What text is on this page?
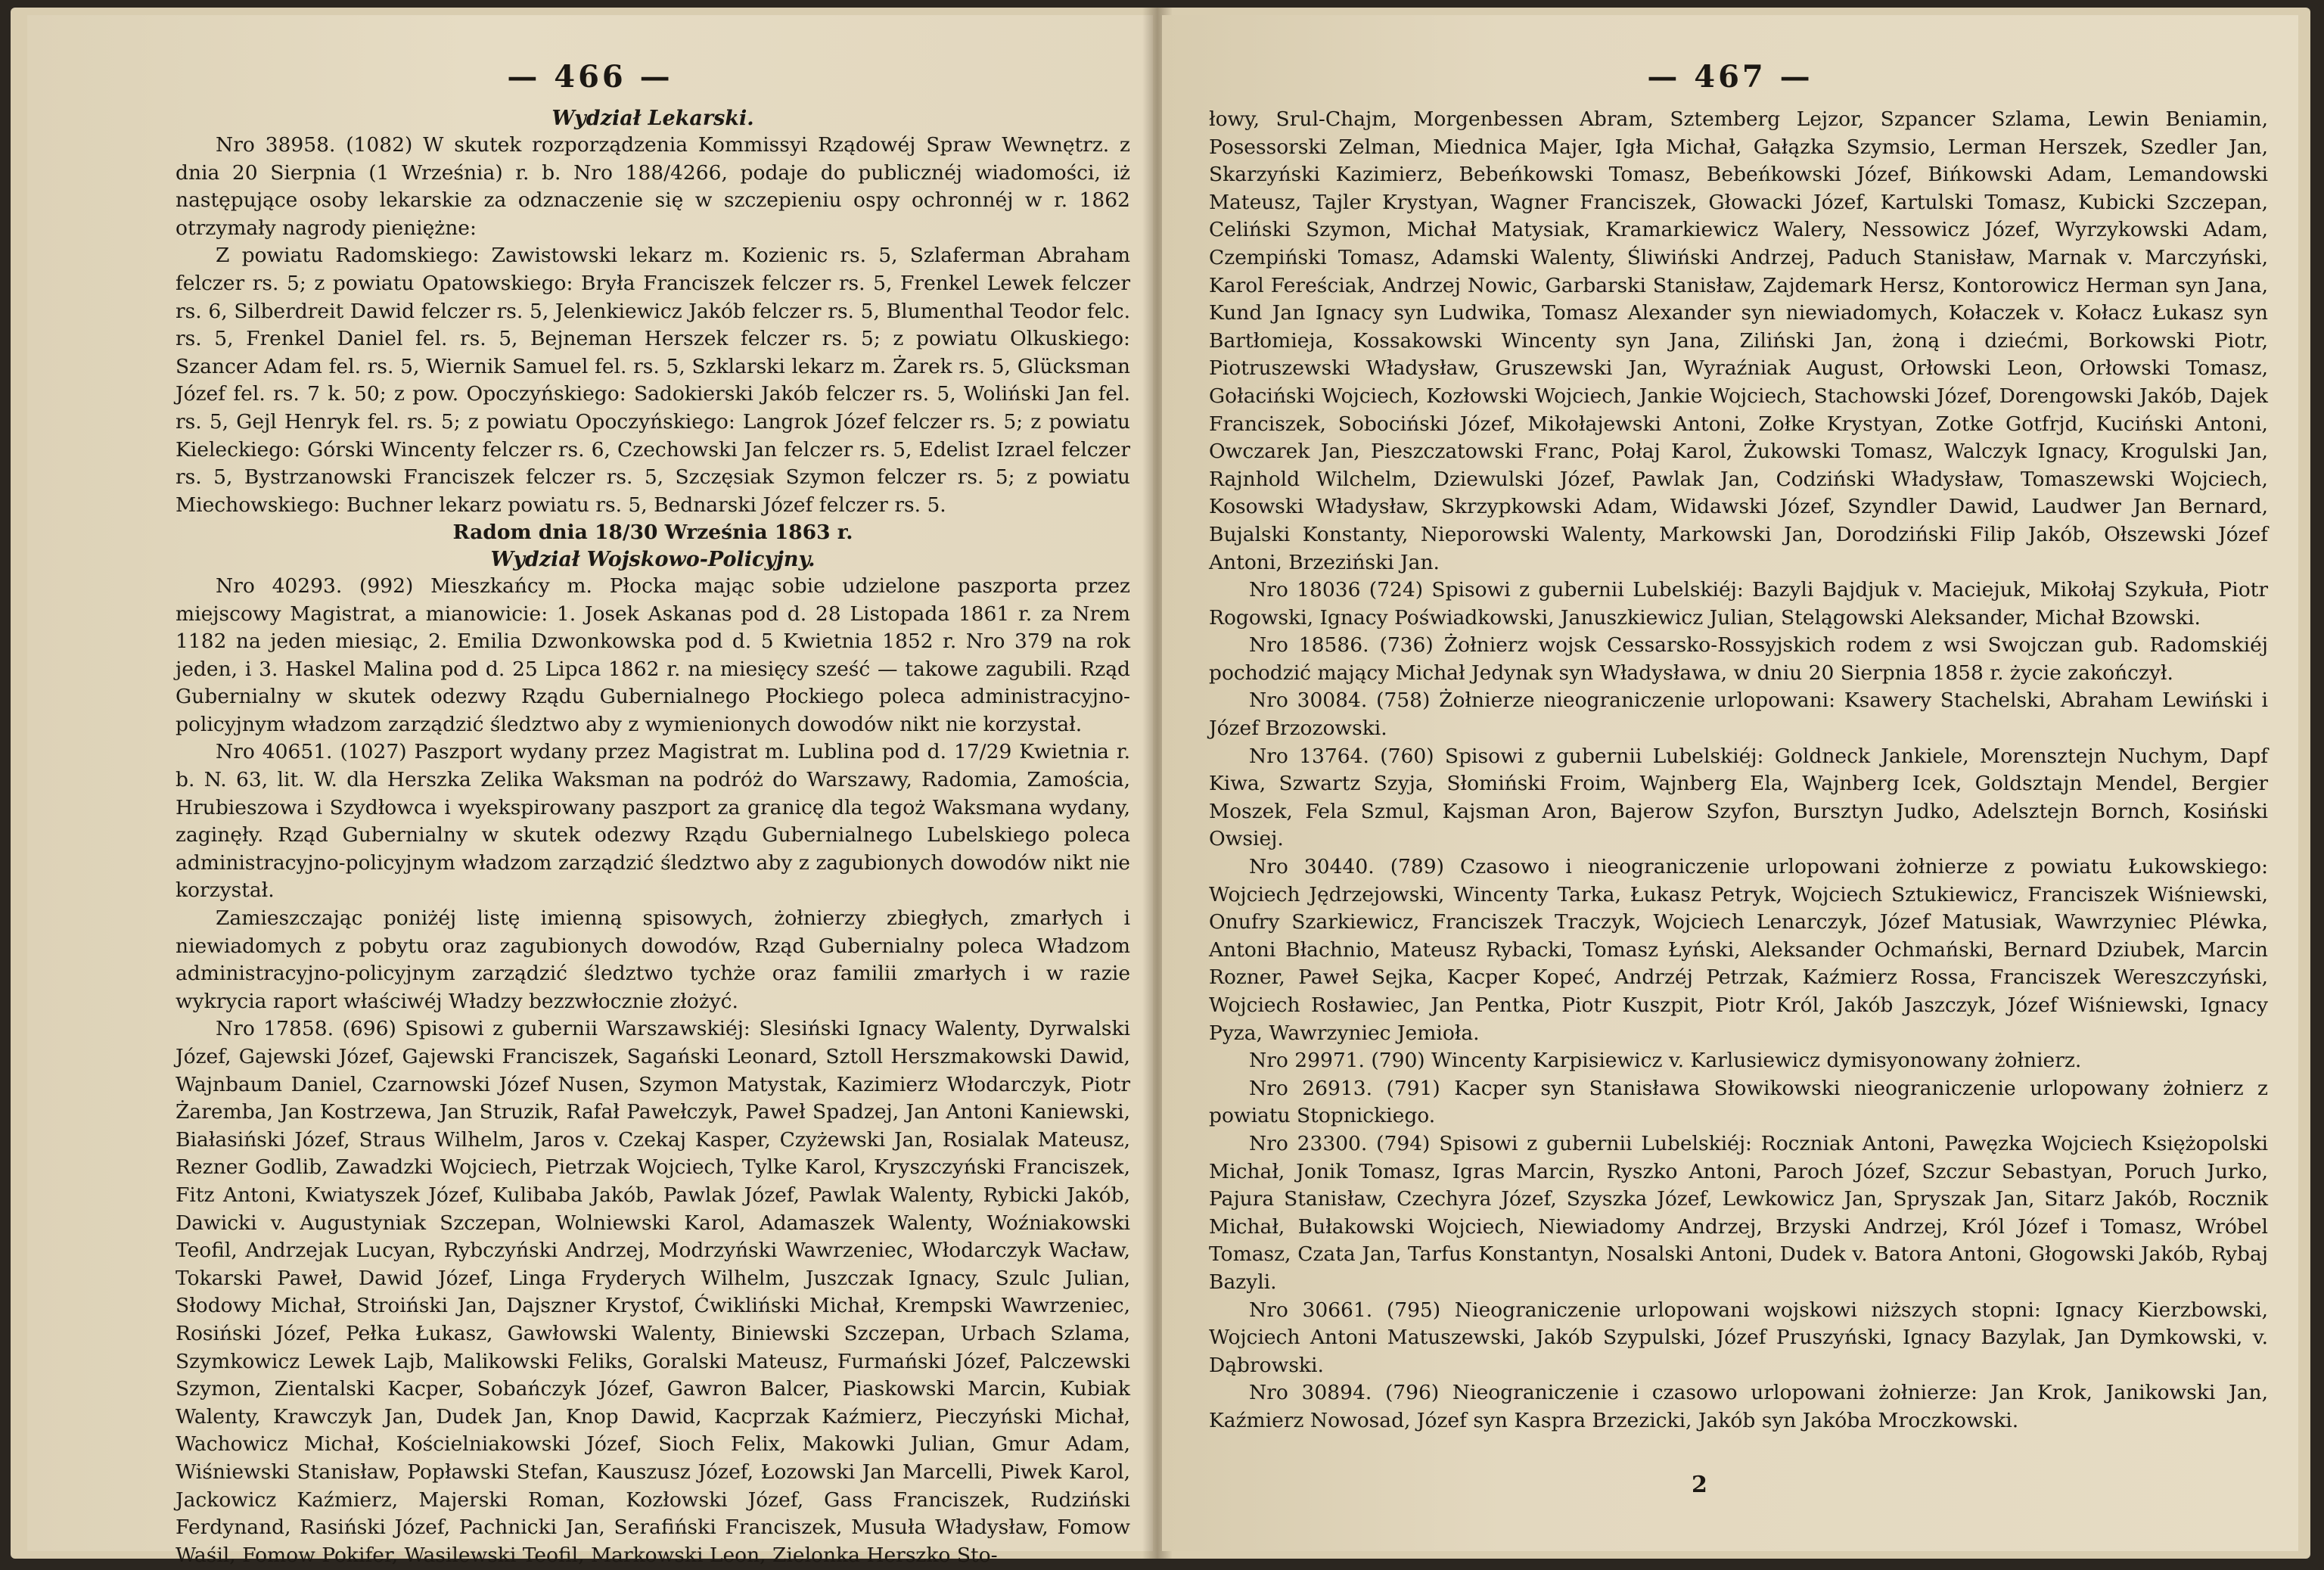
— 466 —

Wydział Lekarski.

Nro 38958. (1082) W skutek rozporządzenia Kommissyi Rządowéj Spraw Wewnętrz. z dnia 20 Sierpnia (1 Września) r. b. Nro 188/4266, podaje do publicznéj wiadomości, iż następujące osoby lekarskie za odznaczenie się w szczepieniu ospy ochronnéj w r. 1862 otrzymały nagrody pieniężne:

Z powiatu Radomskiego: Zawistowski lekarz m. Kozienic rs. 5, Szlaferman Abraham felczer rs. 5; z powiatu Opatowskiego: Bryła Franciszek felczer rs. 5, Frenkel Lewek felczer rs. 6, Silberdreit Dawid felczer rs. 5, Jelenkiewicz Jakób felczer rs. 5, Blumenthal Teodor felc. rs. 5, Frenkel Daniel fel. rs. 5, Bejneman Herszek felczer rs. 5; z powiatu Olkuskiego: Szancer Adam fel. rs. 5, Wiernik Samuel fel. rs. 5, Szklarski lekarz m. Żarek rs. 5, Glücksman Józef fel. rs. 7 k. 50; z pow. Opoczyńskiego: Sadokierski Jakób felczer rs. 5, Woliński Jan fel. rs. 5, Gejl Henryk fel. rs. 5; z powiatu Opoczyńskiego: Langrok Józef felczer rs. 5; z powiatu Kieleckiego: Górski Wincenty felczer rs. 6, Czechowski Jan felczer rs. 5, Edelist Izrael felczer rs. 5, Bystrzanowski Franciszek felczer rs. 5, Szczęsiak Szymon felczer rs. 5; z powiatu Miechowskiego: Buchner lekarz powiatu rs. 5, Bednarski Józef felczer rs. 5.

Radom dnia 18/30 Września 1863 r.

Wydział Wojskowo-Policyjny.

Nro 40293. (992) Mieszkańcy m. Płocka mając sobie udzielone paszporta przez miejscowy Magistrat, a mianowicie: 1. Josek Askanas pod d. 28 Listopada 1861 r. za Nrem 1182 na jeden miesiąc, 2. Emilia Dzwonkowska pod d. 5 Kwietnia 1852 r. Nro 379 na rok jeden, i 3. Haskel Malina pod d. 25 Lipca 1862 r. na miesięcy sześć — takowe zagubili. Rząd Gubernialny w skutek odezwy Rządu Gubernialnego Płockiego poleca administracyjno-policyjnym władzom zarządzić śledztwo aby z wymienionych dowodów nikt nie korzystał.

Nro 40651. (1027) Paszport wydany przez Magistrat m. Lublina pod d. 17/29 Kwietnia r. b. N. 63, lit. W. dla Herszka Zelika Waksman na podróż do Warszawy, Radomia, Zamościa, Hrubieszowa i Szydłowca i wyekspirowany paszport za granicę dla tegoż Waksmana wydany, zaginęły. Rząd Gubernialny w skutek odezwy Rządu Gubernialnego Lubelskiego poleca administracyjno-policyjnym władzom zarządzić śledztwo aby z zagubionych dowodów nikt nie korzystał.

Zamieszczając poniżéj listę imienną spisowych, żołnierzy zbiegłych, zmarłych i niewiadomych z pobytu oraz zagubionych dowodów, Rząd Gubernialny poleca Władzom administracyjno-policyjnym zarządzić śledztwo tychże oraz familii zmarłych i w razie wykrycia raport właściwéj Władzy bezzwłocznie złożyć.

Nro 17858. (696) Spisowi z gubernii Warszawskiéj: Slesiński Ignacy Walenty, Dyrwalski Józef, Gajewski Józef, Gajewski Franciszek, Sagański Leonard, Sztoll Herszmakowski Dawid, Wajnbaum Daniel, Czarnowski Józef Nusen, Szymon Matystak, Kazimierz Włodarczyk, Piotr Żaremba, Jan Kostrzewa, Jan Struzik, Rafał Pawełczyk, Paweł Spadzej, Jan Antoni Kaniewski, Białasiński Józef, Straus Wilhelm, Jaros v. Czekaj Kasper, Czyżewski Jan, Rosialak Mateusz, Rezner Godlib, Zawadzki Wojciech, Pietrzak Wojciech, Tylke Karol, Kryszczyński Franciszek, Fitz Antoni, Kwiatyszek Józef, Kulibaba Jakób, Pawlak Józef, Pawlak Walenty, Rybicki Jakób, Dawicki v. Augustyniak Szczepan, Wolniewski Karol, Adamaszek Walenty, Woźniakowski Teofil, Andrzejak Lucyan, Rybczyński Andrzej, Modrzyński Wawrzeniec, Włodarczyk Wacław, Tokarski Paweł, Dawid Józef, Linga Fryderych Wilhelm, Juszczak Ignacy, Szulc Julian, Słodowy Michał, Stroiński Jan, Dajszner Krystof, Ćwikliński Michał, Krempski Wawrzeniec, Rosiński Józef, Pełka Łukasz, Gawłowski Walenty, Biniewski Szczepan, Urbach Szlama, Szymkowicz Lewek Lajb, Malikowski Feliks, Goralski Mateusz, Furmański Józef, Palczewski Szymon, Zientalski Kacper, Sobańczyk Józef, Gawron Balcer, Piaskowski Marcin, Kubiak Walenty, Krawczyk Jan, Dudek Jan, Knop Dawid, Kacprzak Kaźmierz, Pieczyński Michał, Wachowicz Michał, Kościelniakowski Józef, Sioch Felix, Makowki Julian, Gmur Adam, Wiśniewski Stanisław, Popławski Stefan, Kauszusz Józef, Łozowski Jan Marcelli, Piwek Karol, Jackowicz Kaźmierz, Majerski Roman, Kozłowski Józef, Gass Franciszek, Rudziński Ferdynand, Rasiński Józef, Pachnicki Jan, Serafiński Franciszek, Musuła Władysław, Fomow Waśil, Fomow Pokifer, Wasilewski Teofil, Markowski Leon, Zielonka Herszko Sto-

— 467 —

łowy, Srul-Chajm, Morgenbessen Abram, Sztemberg Lejzor, Szpancer Szlama, Lewin Beniamin, Posessorski Zelman, Miednica Majer, Igła Michał, Gałązka Szymsio, Lerman Herszek, Szedler Jan, Skarzyński Kazimierz, Bebeńkowski Tomasz, Bebeńkowski Józef, Bińkowski Adam, Lemandowski Mateusz, Tajler Krystyan, Wagner Franciszek, Głowacki Józef, Kartulski Tomasz, Kubicki Szczepan, Celiński Szymon, Michał Matysiak, Kramarkiewicz Walery, Nessowicz Józef, Wyrzykowski Adam, Czempiński Tomasz, Adamski Walenty, Śliwiński Andrzej, Paduch Stanisław, Marnak v. Marczyński, Karol Fereściak, Andrzej Nowic, Garbarski Stanisław, Zajdemark Hersz, Kontorowicz Herman syn Jana, Kund Jan Ignacy syn Ludwika, Tomasz Alexander syn niewiadomych, Kołaczek v. Kołacz Łukasz syn Bartłomieja, Kossakowski Wincenty syn Jana, Ziliński Jan, żoną i dziećmi, Borkowski Piotr, Piotruszewski Władysław, Gruszewski Jan, Wyraźniak August, Orłowski Leon, Orłowski Tomasz, Gołaciński Wojciech, Kozłowski Wojciech, Jankie Wojciech, Stachowski Józef, Dorengowski Jakób, Dajek Franciszek, Sobociński Józef, Mikołajewski Antoni, Zołke Krystyan, Zotke Gotfrjd, Kuciński Antoni, Owczarek Jan, Pieszczatowski Franc, Połaj Karol, Żukowski Tomasz, Walczyk Ignacy, Krogulski Jan, Rajnhold Wilchelm, Dziewulski Józef, Pawlak Jan, Codziński Władysław, Tomaszewski Wojciech, Kosowski Władysław, Skrzypkowski Adam, Widawski Józef, Szyndler Dawid, Laudwer Jan Bernard, Bujalski Konstanty, Nieporowski Walenty, Markowski Jan, Dorodziński Filip Jakób, Ołszewski Józef Antoni, Brzeziński Jan.

Nro 18036 (724) Spisowi z gubernii Lubelskiéj: Bazyli Bajdjuk v. Maciejuk, Mikołaj Szykuła, Piotr Rogowski, Ignacy Poświadkowski, Januszkiewicz Julian, Stelągowski Aleksander, Michał Bzowski.

Nro 18586. (736) Żołnierz wojsk Cessarsko-Rossyjskich rodem z wsi Swojczan gub. Radomskiéj pochodzić mający Michał Jedynak syn Władysława, w dniu 20 Sierpnia 1858 r. życie zakończył.

Nro 30084. (758) Żołnierze nieograniczenie urlopowani: Ksawery Stachelski, Abraham Lewiński i Józef Brzozowski.

Nro 13764. (760) Spisowi z gubernii Lubelskiéj: Goldneck Jankiele, Morensztejn Nuchym, Dapf Kiwa, Szwartz Szyja, Słomiński Froim, Wajnberg Ela, Wajnberg Icek, Goldsztajn Mendel, Bergier Moszek, Fela Szmul, Kajsman Aron, Bajerow Szyfon, Bursztyn Judko, Adelsztejn Bornch, Kosiński Owsiej.

Nro 30440. (789) Czasowo i nieograniczenie urlopowani żołnierze z powiatu Łukowskiego: Wojciech Jędrzejowski, Wincenty Tarka, Łukasz Petryk, Wojciech Sztukiewicz, Franciszek Wiśniewski, Onufry Szarkiewicz, Franciszek Traczyk, Wojciech Lenarczyk, Józef Matusiak, Wawrzyniec Pléwka, Antoni Błachnio, Mateusz Rybacki, Tomasz Łyński, Aleksander Ochmański, Bernard Dziubek, Marcin Rozner, Paweł Sejka, Kacper Kopeć, Andrzéj Petrzak, Kaźmierz Rossa, Franciszek Wereszczyński, Wojciech Rosławiec, Jan Pentka, Piotr Kuszpit, Piotr Król, Jakób Jaszczyk, Józef Wiśniewski, Ignacy Pyza, Wawrzyniec Jemioła.

Nro 29971. (790) Wincenty Karpisiewicz v. Karlusiewicz dymisyonowany żołnierz.

Nro 26913. (791) Kacper syn Stanisława Słowikowski nieograniczenie urlopowany żołnierz z powiatu Stopnickiego.

Nro 23300. (794) Spisowi z gubernii Lubelskiéj: Roczniak Antoni, Pawęzka Wojciech Księżopolski Michał, Jonik Tomasz, Igras Marcin, Ryszko Antoni, Paroch Józef, Szczur Sebastyan, Poruch Jurko, Pajura Stanisław, Czechyra Józef, Szyszka Józef, Lewkowicz Jan, Spryszak Jan, Sitarz Jakób, Rocznik Michał, Bułakowski Wojciech, Niewiadomy Andrzej, Brzyski Andrzej, Król Józef i Tomasz, Wróbel Tomasz, Czata Jan, Tarfus Konstantyn, Nosalski Antoni, Dudek v. Batora Antoni, Głogowski Jakób, Rybaj Bazyli.

Nro 30661. (795) Nieograniczenie urlopowani wojskowi niższych stopni: Ignacy Kierzbowski, Wojciech Antoni Matuszewski, Jakób Szypulski, Józef Pruszyński, Ignacy Bazylak, Jan Dymkowski, v. Dąbrowski.

Nro 30894. (796) Nieograniczenie i czasowo urlopowani żołnierze: Jan Krok, Janikowski Jan, Kaźmierz Nowosad, Józef syn Kaspra Brzezicki, Jakób syn Jakóba Mroczkowski.

2
